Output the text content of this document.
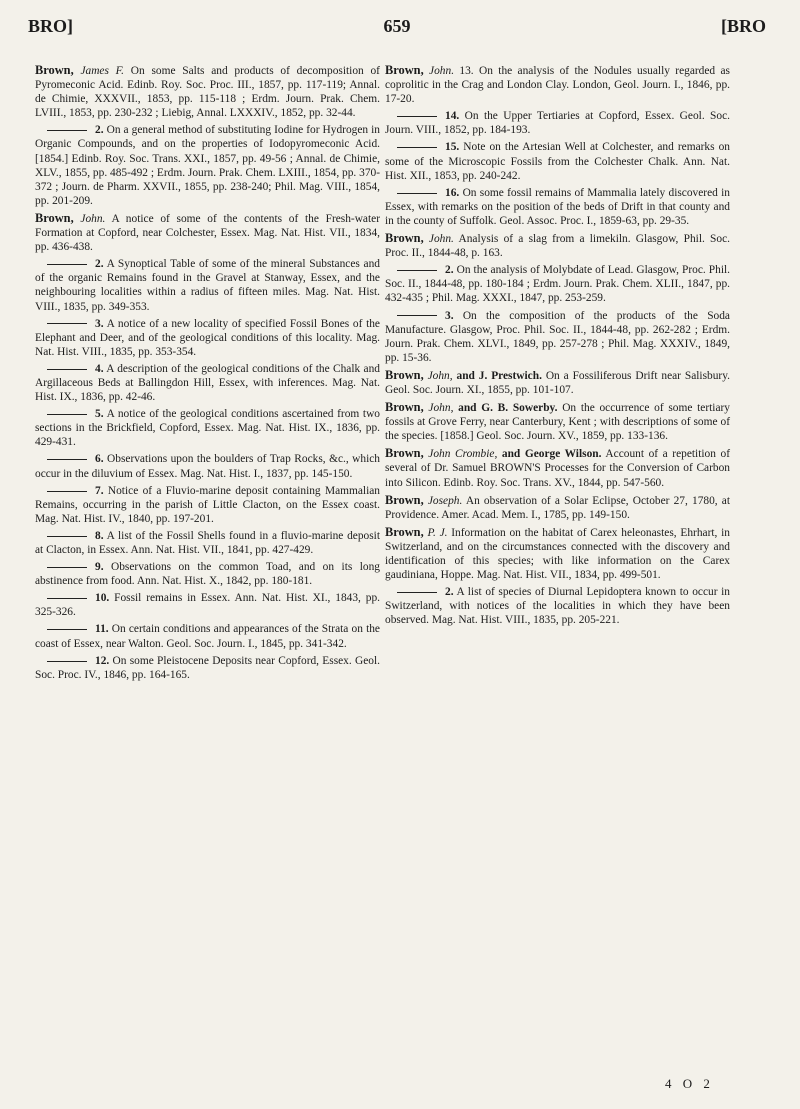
BRO]	659	[BRO

Brown, James F. On some Salts and products of decomposition of Pyromeconic Acid. Edinb. Roy. Soc. Proc. III., 1857, pp. 117-119; Annal. de Chimie, XXXVII., 1853, pp. 115-118 ; Erdm. Journ. Prak. Chem. LVIII., 1853, pp. 230-232 ; Liebig, Annal. LXXXIV., 1852, pp. 32-44.

2. On a general method of substituting Iodine for Hydrogen in Organic Compounds, and on the properties of Iodopyromeconic Acid. [1854.] Edinb. Roy. Soc. Trans. XXI., 1857, pp. 49-56 ; Annal. de Chimie, XLV., 1855, pp. 485-492 ; Erdm. Journ. Prak. Chem. LXIII., 1854, pp. 370-372 ; Journ. de Pharm. XXVII., 1855, pp. 238-240; Phil. Mag. VIII., 1854, pp. 201-209.

Brown, John. A notice of some of the contents of the Fresh-water Formation at Copford, near Colchester, Essex. Mag. Nat. Hist. VII., 1834, pp. 436-438.

2. A Synoptical Table of some of the mineral Substances and of the organic Remains found in the Gravel at Stanway, Essex, and the neighbouring localities within a radius of fifteen miles. Mag. Nat. Hist. VIII., 1835, pp. 349-353.

3. A notice of a new locality of specified Fossil Bones of the Elephant and Deer, and of the geological conditions of this locality. Mag. Nat. Hist. VIII., 1835, pp. 353-354.

4. A description of the geological conditions of the Chalk and Argillaceous Beds at Ballingdon Hill, Essex, with inferences. Mag. Nat. Hist. IX., 1836, pp. 42-46.

5. A notice of the geological conditions ascertained from two sections in the Brickfield, Copford, Essex. Mag. Nat. Hist. IX., 1836, pp. 429-431.

6. Observations upon the boulders of Trap Rocks, &c., which occur in the diluvium of Essex. Mag. Nat. Hist. I., 1837, pp. 145-150.

7. Notice of a Fluvio-marine deposit containing Mammalian Remains, occurring in the parish of Little Clacton, on the Essex coast. Mag. Nat. Hist. IV., 1840, pp. 197-201.

8. A list of the Fossil Shells found in a fluvio-marine deposit at Clacton, in Essex. Ann. Nat. Hist. VII., 1841, pp. 427-429.

9. Observations on the common Toad, and on its long abstinence from food. Ann. Nat. Hist. X., 1842, pp. 180-181.

10. Fossil remains in Essex. Ann. Nat. Hist. XI., 1843, pp. 325-326.

11. On certain conditions and appearances of the Strata on the coast of Essex, near Walton. Geol. Soc. Journ. I., 1845, pp. 341-342.

12. On some Pleistocene Deposits near Copford, Essex. Geol. Soc. Proc. IV., 1846, pp. 164-165.

Brown, John. 13. On the analysis of the Nodules usually regarded as coprolitic in the Crag and London Clay. London, Geol. Journ. I., 1846, pp. 17-20.

14. On the Upper Tertiaries at Copford, Essex. Geol. Soc. Journ. VIII., 1852, pp. 184-193.

15. Note on the Artesian Well at Colchester, and remarks on some of the Microscopic Fossils from the Colchester Chalk. Ann. Nat. Hist. XII., 1853, pp. 240-242.

16. On some fossil remains of Mammalia lately discovered in Essex, with remarks on the position of the beds of Drift in that county and in the county of Suffolk. Geol. Assoc. Proc. I., 1859-63, pp. 29-35.

Brown, John. Analysis of a slag from a limekiln. Glasgow, Phil. Soc. Proc. II., 1844-48, p. 163.

2. On the analysis of Molybdate of Lead. Glasgow, Proc. Phil. Soc. II., 1844-48, pp. 180-184 ; Erdm. Journ. Prak. Chem. XLII., 1847, pp. 432-435 ; Phil. Mag. XXXI., 1847, pp. 253-259.

3. On the composition of the products of the Soda Manufacture. Glasgow, Proc. Phil. Soc. II., 1844-48, pp. 262-282 ; Erdm. Journ. Prak. Chem. XLVI., 1849, pp. 257-278 ; Phil. Mag. XXXIV., 1849, pp. 15-36.

Brown, John, and J. Prestwich. On a Fossiliferous Drift near Salisbury. Geol. Soc. Journ. XI., 1855, pp. 101-107.

Brown, John, and G. B. Sowerby. On the occurrence of some tertiary fossils at Grove Ferry, near Canterbury, Kent ; with descriptions of some of the species. [1858.] Geol. Soc. Journ. XV., 1859, pp. 133-136.

Brown, John Crombie, and George Wilson. Account of a repetition of several of Dr. Samuel BROWN'S Processes for the Conversion of Carbon into Silicon. Edinb. Roy. Soc. Trans. XV., 1844, pp. 547-560.

Brown, Joseph. An observation of a Solar Eclipse, October 27, 1780, at Providence. Amer. Acad. Mem. I., 1785, pp. 149-150.

Brown, P. J. Information on the habitat of Carex heleonastes, Ehrhart, in Switzerland, and on the circumstances connected with the discovery and identification of this species; with like information on the Carex gaudiniana, Hoppe. Mag. Nat. Hist. VII., 1834, pp. 499-501.

2. A list of species of Diurnal Lepidoptera known to occur in Switzerland, with notices of the localities in which they have been observed. Mag. Nat. Hist. VIII., 1835, pp. 205-221.

4 O 2
